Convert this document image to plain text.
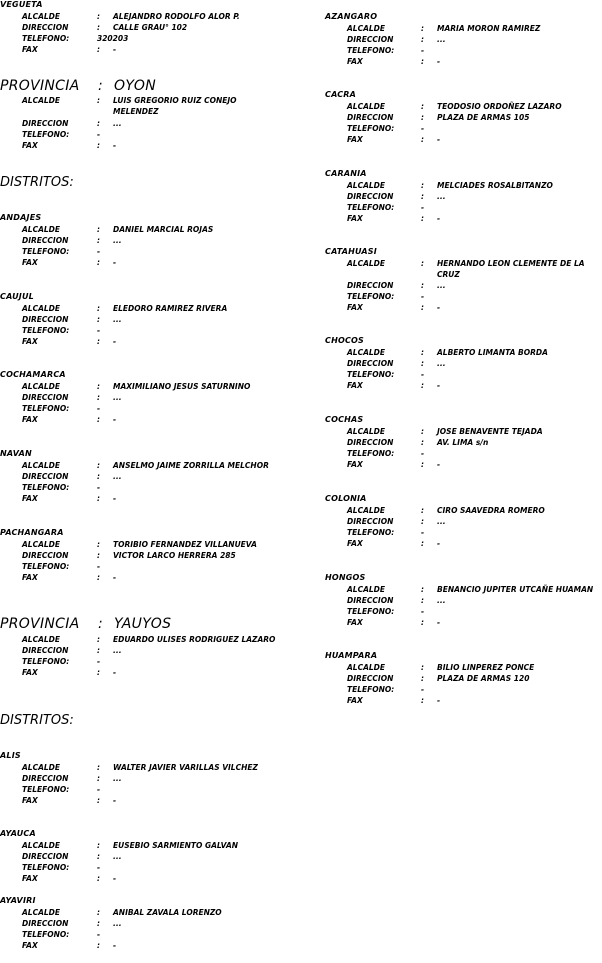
VEGUETA
ALCALDE	: ALEJANDRO RODOLFO ALOR P.
DIRECCION	: CALLE GRAU° 102
TELEFONO:	320203
FAX	: -
PROVINCIA : OYON
ALCALDE	: LUIS GREGORIO RUIZ CONEJO MELENDEZ
DIRECCION	: ...
TELEFONO:	-
FAX	: -
DISTRITOS:
ANDAJES
ALCALDE	: DANIEL MARCIAL ROJAS
DIRECCION	: ...
TELEFONO:	-
FAX	: -
CAUJUL
ALCALDE	: ELEDORO RAMIREZ RIVERA
DIRECCION	: ...
TELEFONO:	-
FAX	: -
COCHAMARCA
ALCALDE	: MAXIMILIANO JESUS SATURNINO
DIRECCION	: ...
TELEFONO:	-
FAX	: -
NAVAN
ALCALDE	: ANSELMO JAIME ZORRILLA MELCHOR
DIRECCION	: ...
TELEFONO:	-
FAX	: -
PACHANGARA
ALCALDE	: TORIBIO FERNANDEZ VILLANUEVA
DIRECCION	: VICTOR LARCO HERRERA 285
TELEFONO:	-
FAX	: -
PROVINCIA : YAUYOS
ALCALDE	: EDUARDO ULISES RODRIGUEZ LAZARO
DIRECCION	: ...
TELEFONO:	-
FAX	: -
DISTRITOS:
ALIS
ALCALDE	: WALTER JAVIER VARILLAS VILCHEZ
DIRECCION	: ...
TELEFONO:	-
FAX	: -
AYAUCA
ALCALDE	: EUSEBIO SARMIENTO GALVAN
DIRECCION	: ...
TELEFONO:	-
FAX	: -
AYAVIRI
ALCALDE	: ANIBAL ZAVALA LORENZO
DIRECCION	: ...
TELEFONO:	-
FAX	: -
AZANGARO
ALCALDE	: MARIA MORON RAMIREZ
DIRECCION	: ...
TELEFONO:	-
FAX	: -
CACRA
ALCALDE	: TEODOSIO ORDOÑEZ LAZARO
DIRECCION	: PLAZA DE ARMAS 105
TELEFONO:	-
FAX	: -
CARANIA
ALCALDE	: MELCIADES ROSALBITANZO
DIRECCION	: ...
TELEFONO:	-
FAX	: -
CATAHUASI
ALCALDE	: HERNANDO LEON CLEMENTE DE LA CRUZ
DIRECCION	: ...
TELEFONO:	-
FAX	: -
CHOCOS
ALCALDE	: ALBERTO LIMANTA BORDA
DIRECCION	: ...
TELEFONO:	-
FAX	: -
COCHAS
ALCALDE	: JOSE BENAVENTE TEJADA
DIRECCION	: AV. LIMA s/n
TELEFONO:	-
FAX	: -
COLONIA
ALCALDE	: CIRO SAAVEDRA ROMERO
DIRECCION	: ...
TELEFONO:	-
FAX	: -
HONGOS
ALCALDE	: BENANCIO JUPITER UTCAÑE HUAMAN
DIRECCION	: ...
TELEFONO:	-
FAX	: -
HUAMPARA
ALCALDE	: BILIO LINPEREZ PONCE
DIRECCION	: PLAZA DE ARMAS 120
TELEFONO:	-
FAX	: -
